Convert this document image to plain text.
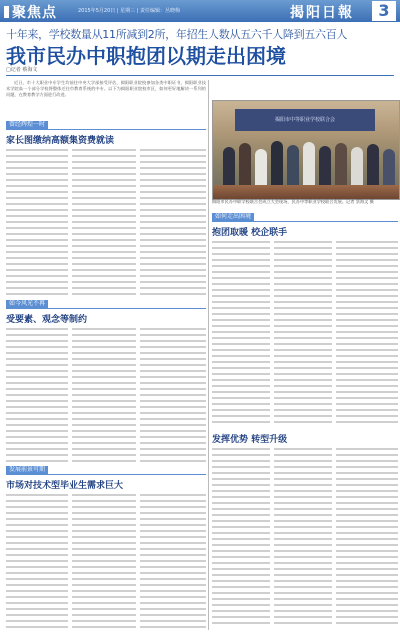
聚焦点	2015年5月20日 | 星期三 | 责任编辑：丛晓梅	揭阳日報	3
十年来，学校数量从11所减到2所，年招生人数从五六千人降到五六百人
我市民办中职抱团以期走出困境
□记者 蔡海文

近日，市十大职业中专学生均前往中央大学部接受评估，揭阳职业院校参加各类中职证书，揭阳职业技术学院高一个部分学校将整体迁往市教育系统的中专。以下为揭阳职业院校市区，如何更好地解决一系列的问题，在教育教学方面进行改进。

曾经辉煌一时
家长图缴纳高额集资费就读
如今风光不再
受要素、观念等制约
发展前景可期
市场对技术型毕业生需求巨大
揭阳市中等职业学校联合会
揭阳市民办中职学校联合会成立大会现场，民办中等职业学校联合发展。记者 蔡海文 摄
如何走出困境
抱团取暖 校企联手
发挥优势 转型升级
